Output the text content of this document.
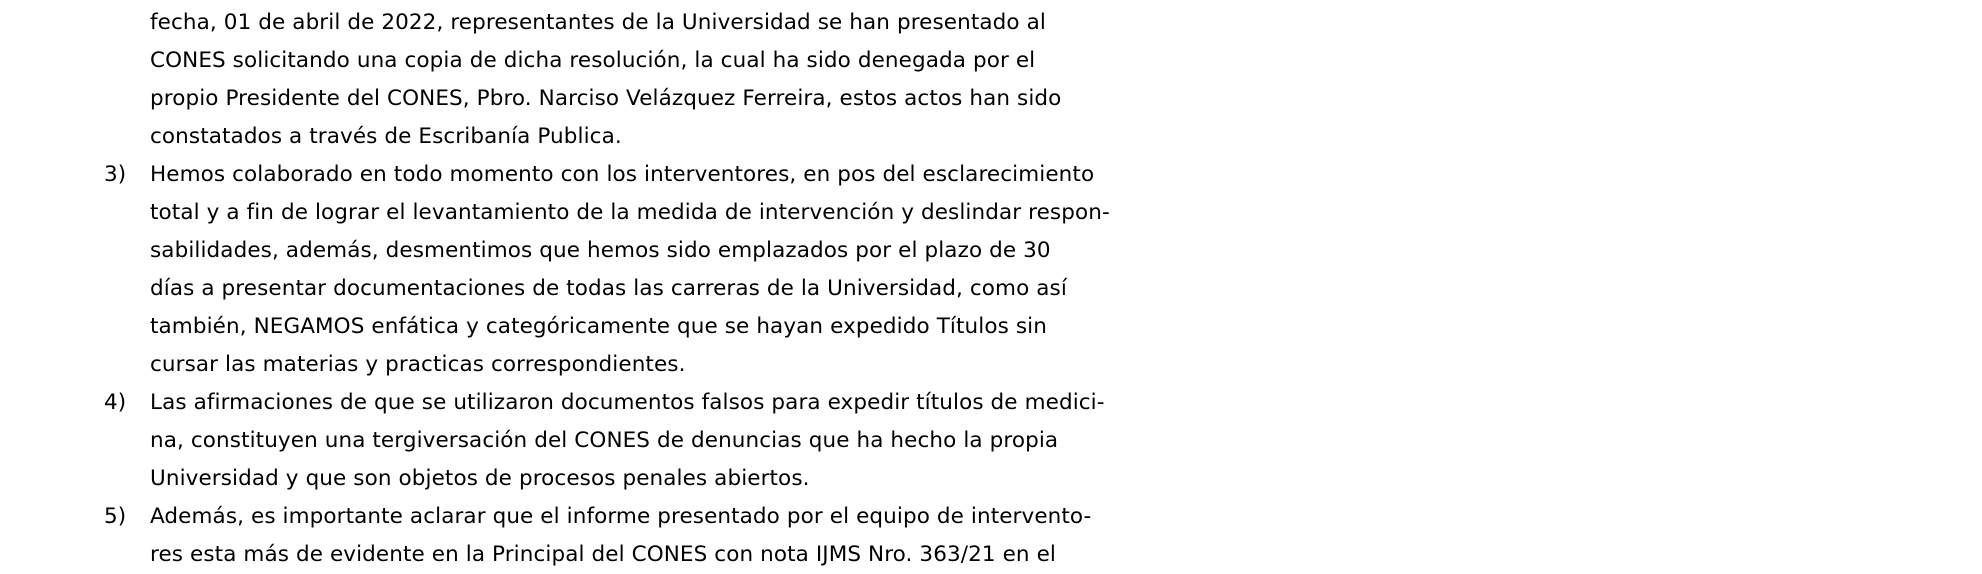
fecha, 01 de abril de 2022, representantes de la Universidad se han presentado al
CONES solicitando una copia de dicha resolución, la cual ha sido denegada por el
propio Presidente del CONES, Pbro. Narciso Velázquez Ferreira, estos actos han sido
constatados a través de Escribanía Publica.
3)	Hemos colaborado en todo momento con los interventores, en pos del esclarecimiento
total y a fin de lograr el levantamiento de la medida de intervención y deslindar respon-
sabilidades, además, desmentimos que hemos sido emplazados por el plazo de 30
días a presentar documentaciones de todas las carreras de la Universidad, como así
también, NEGAMOS enfática y categóricamente que se hayan expedido Títulos sin
cursar las materias y practicas correspondientes.
4)	Las afirmaciones de que se utilizaron documentos falsos para expedir títulos de medici-
na, constituyen una tergiversación del CONES de denuncias que ha hecho la propia
Universidad y que son objetos de procesos penales abiertos.
5)	Además, es importante aclarar que el informe presentado por el equipo de intervento-
res esta más de evidente en la Principal del CONES con nota IJMS Nro. 363/21 en el
